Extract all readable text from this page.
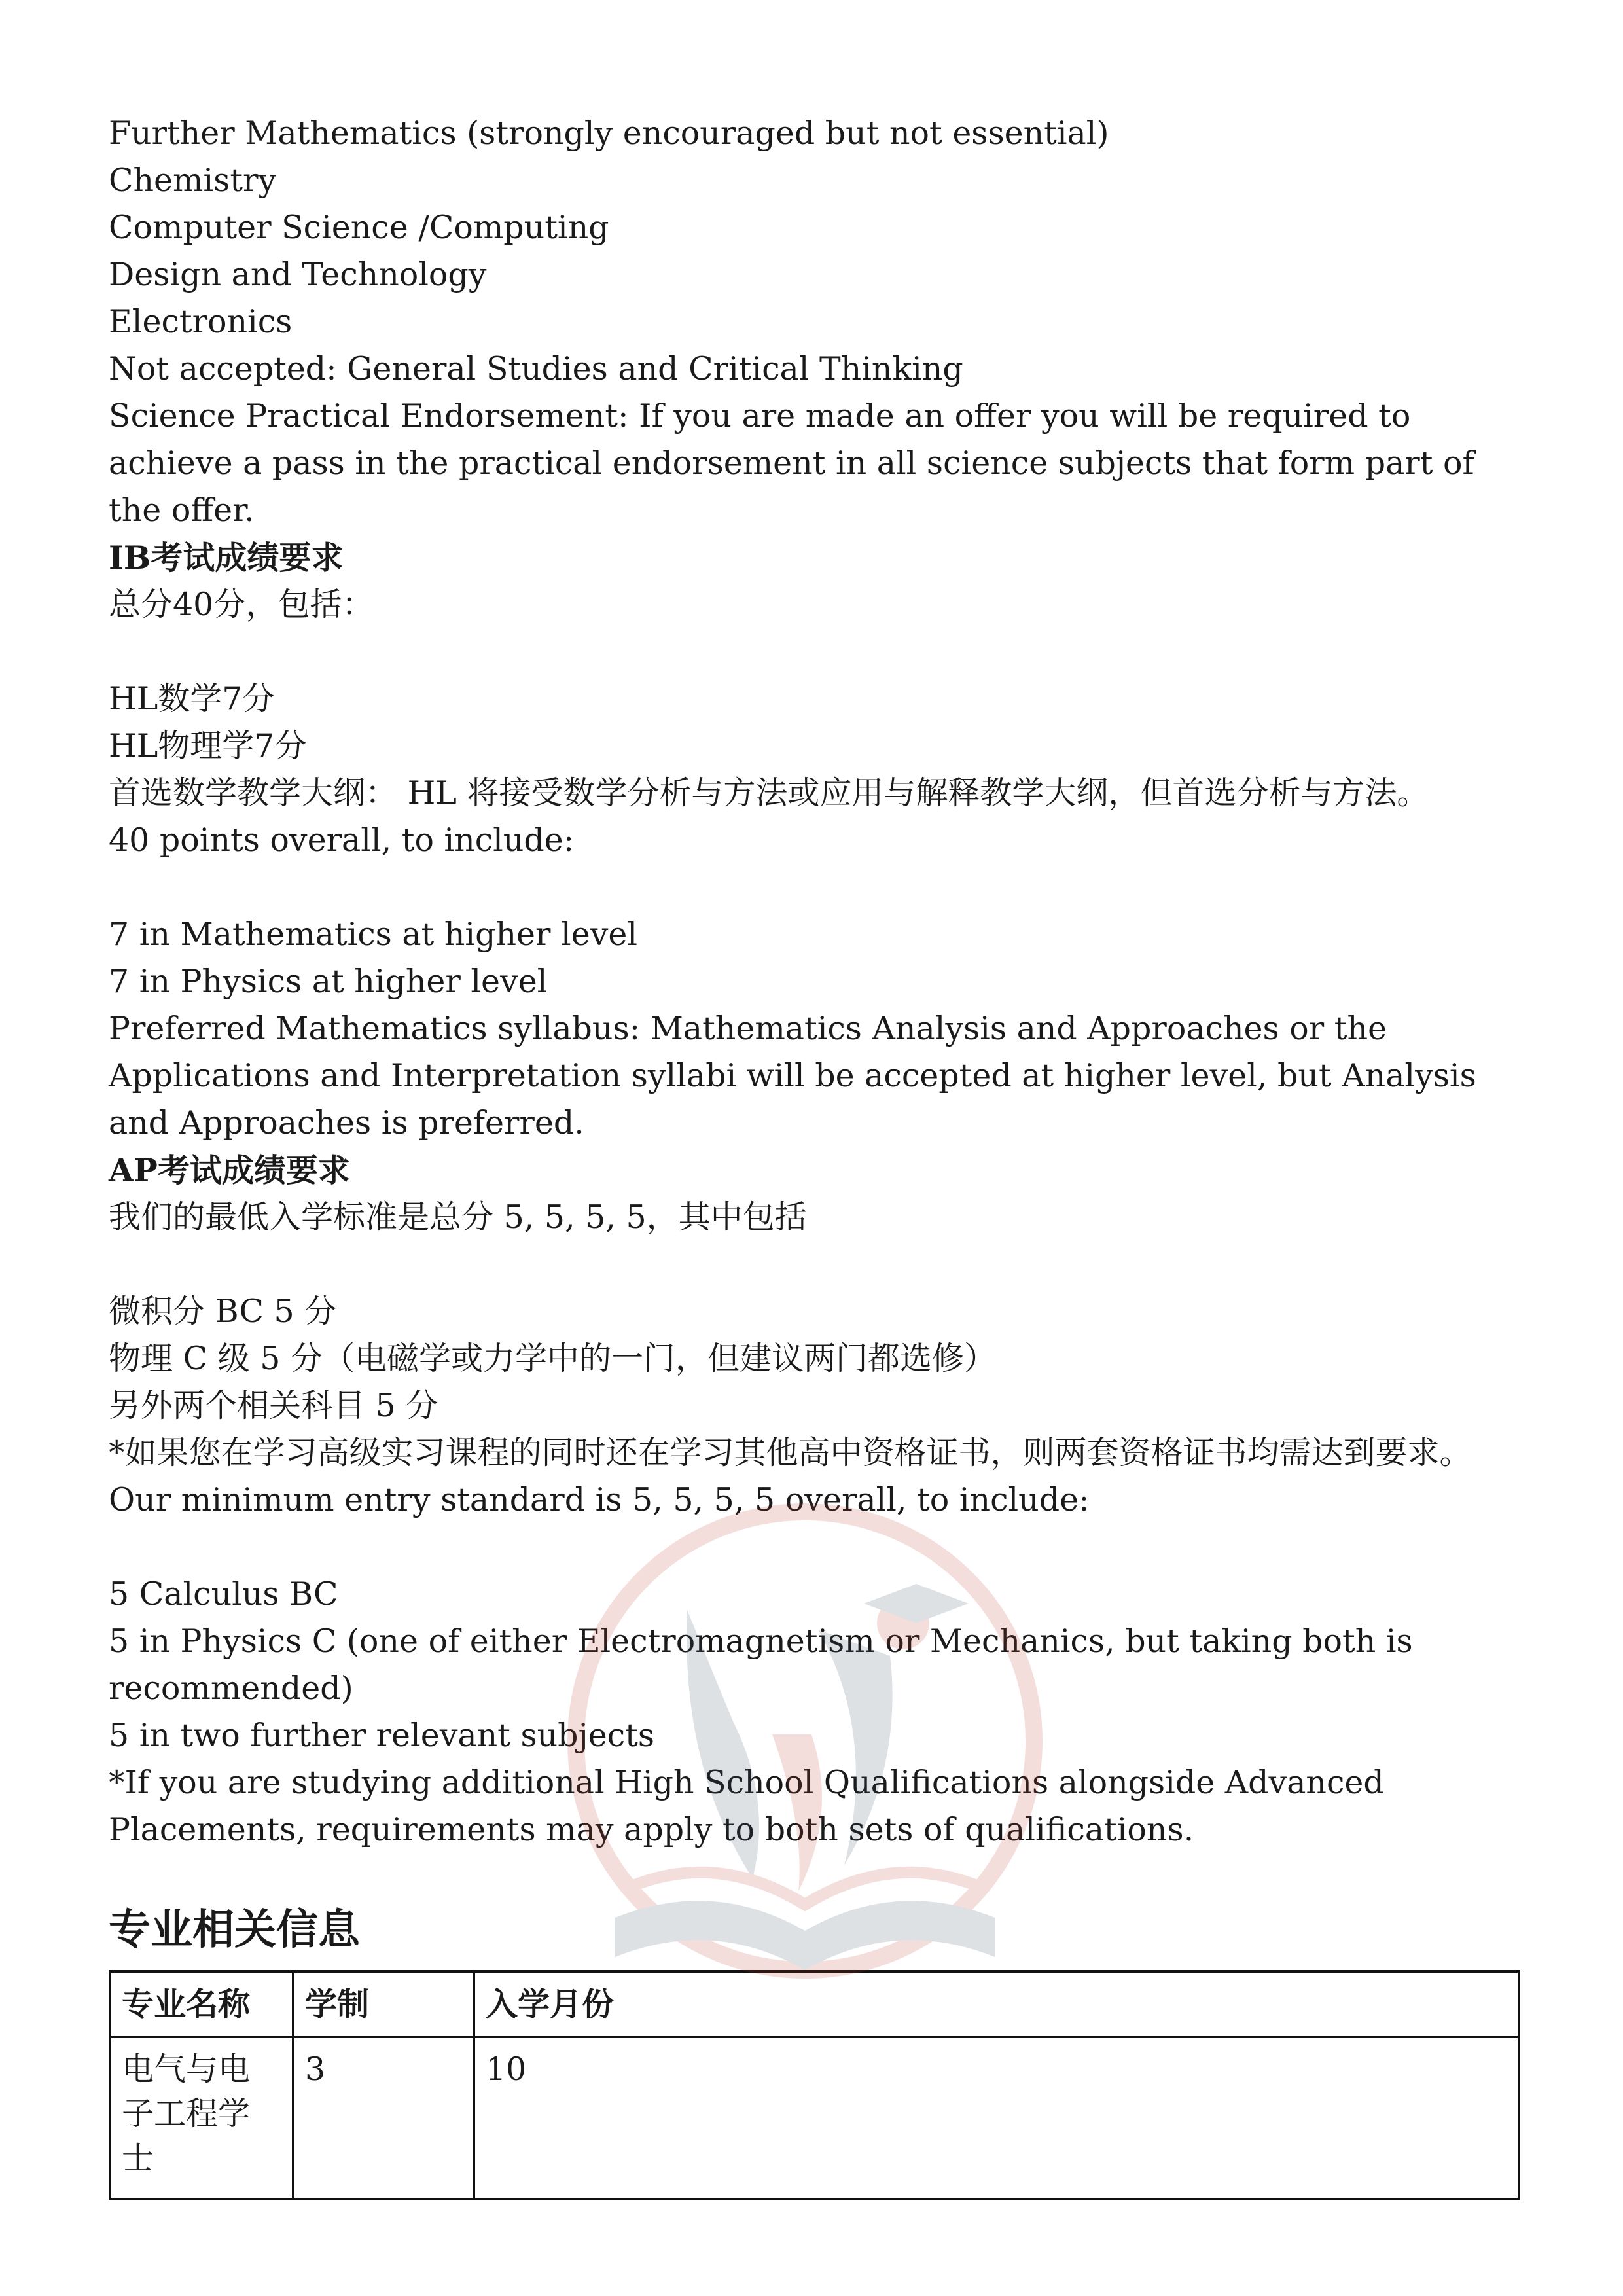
Further Mathematics (strongly encouraged but not essential)
Chemistry
Computer Science /Computing
Design and Technology
Electronics
Not accepted: General Studies and Critical Thinking
Science Practical Endorsement: If you are made an offer you will be required to achieve a pass in the practical endorsement in all science subjects that form part of the offer.
IB考试成绩要求
总分40分，包括：
HL数学7分
HL物理学7分
首选数学教学大纲： HL 将接受数学分析与方法或应用与解释教学大纲，但首选分析与方法。
40 points overall, to include:
7 in Mathematics at higher level
7 in Physics at higher level
Preferred Mathematics syllabus: Mathematics Analysis and Approaches or the Applications and Interpretation syllabi will be accepted at higher level, but Analysis and Approaches is preferred.
AP考试成绩要求
我们的最低入学标准是总分 5, 5, 5, 5，其中包括
微积分 BC 5 分
物理 C 级 5 分（电磁学或力学中的一门，但建议两门都选修）
另外两个相关科目 5 分
*如果您在学习高级实习课程的同时还在学习其他高中资格证书，则两套资格证书均需达到要求。
Our minimum entry standard is 5, 5, 5, 5 overall, to include:
5 Calculus BC
5 in Physics C (one of either Electromagnetism or Mechanics, but taking both is recommended)
5 in two further relevant subjects
*If you are studying additional High School Qualifications alongside Advanced Placements, requirements may apply to both sets of qualifications.
专业相关信息
专业名称	学制	入学月份
电气与电子工程学士	3	10
